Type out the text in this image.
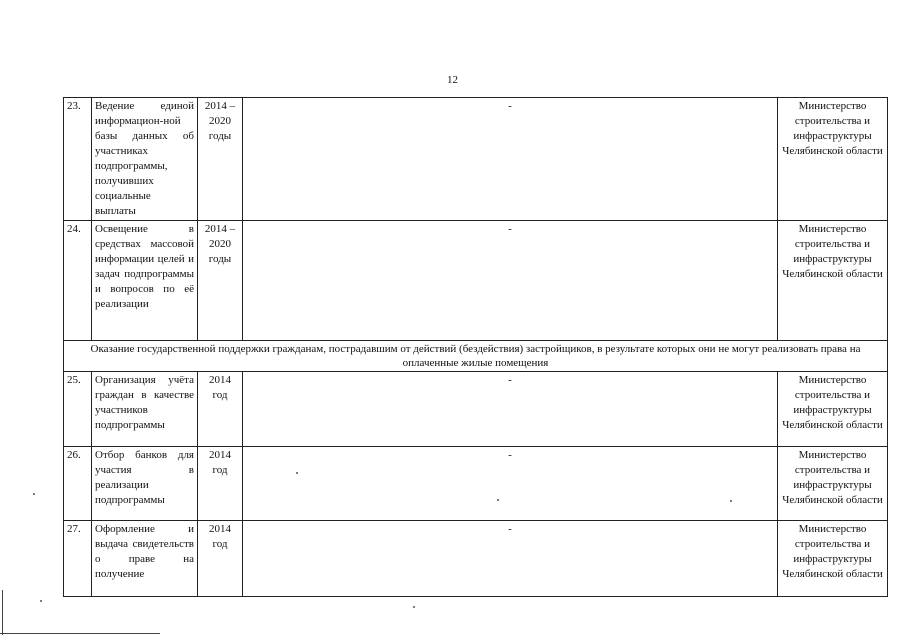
12
23.	Ведение единой информацион-ной базы данных об участниках подпрограммы, получивших социальные выплаты	2014 – 2020 годы	-	Министерство строительства и инфраструктуры Челябинской области
24.	Освещение в средствах массовой информации целей и задач подпрограммы и вопросов по её реализации	2014 – 2020 годы	-	Министерство строительства и инфраструктуры Челябинской области
Оказание государственной поддержки гражданам, пострадавшим от действий (бездействия) застройщиков, в результате которых они не могут реализовать права на оплаченные жилые помещения				
25.	Организация учёта граждан в качестве участников подпрограммы	2014 год	-	Министерство строительства и инфраструктуры Челябинской области
26.	Отбор банков для участия в реализации подпрограммы	2014 год	-	Министерство строительства и инфраструктуры Челябинской области
27.	Оформление и выдача свидетельств о праве на получение	2014 год	-	Министерство строительства и инфраструктуры Челябинской области
